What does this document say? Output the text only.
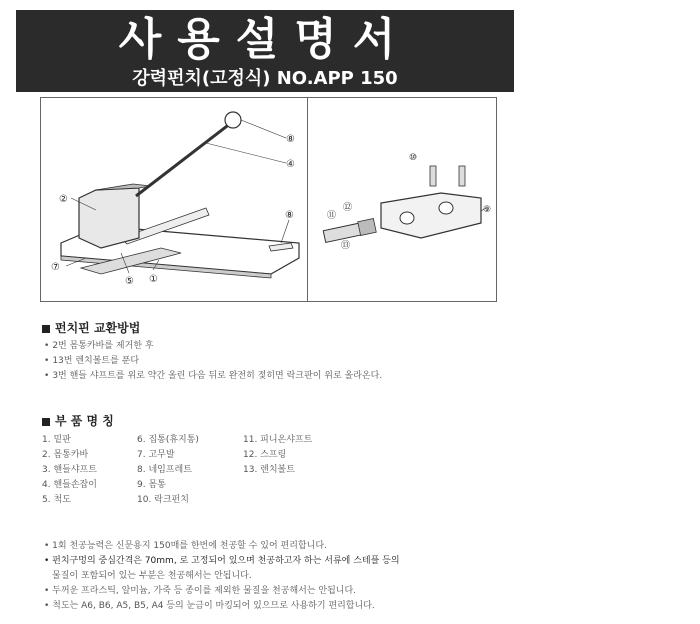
사용설명서
강력펀치(고정식) NO.APP 150
⑧
④
②
⑧
⑦
⑤ ①
⑩
⑨
⑪
⑫
⑬
펀치핀 교환방법
• 2번 몸통카바를 제거한 후
• 13번 렌치볼트를 푼다
• 3번 핸들 샤프트를 위로 약간 올린 다음 뒤로 완전히 젖히면 락크판이 위로 올라온다.
부 품 명 칭
1. 밑판	6. 집통(휴지통)	11. 피니온샤프트
2. 몸통카바	7. 고무발	12. 스프링
3. 핸들샤프트	8. 네임프레트	13. 렌치볼트
4. 핸들손잡이	9. 몸통
5. 척도	10. 락크펀치
• 1회 천공능력은 신문용지 150매를 한번에 천공할 수 있어 편리합니다.
• 펀치구멍의 중심간격은 70mm, 로 고정되어 있으며 천공하고자 하는 서류에 스테플 등의
물질이 포함되어 있는 부분은 천공해서는 안됩니다.
• 두꺼운 프라스틱, 알미늄, 가죽 등 종이를 제외한 물질을 천공해서는 안됩니다.
• 척도는 A6, B6, A5, B5, A4 등의 눈금이 마킹되어 있으므로 사용하기 편리합니다.
